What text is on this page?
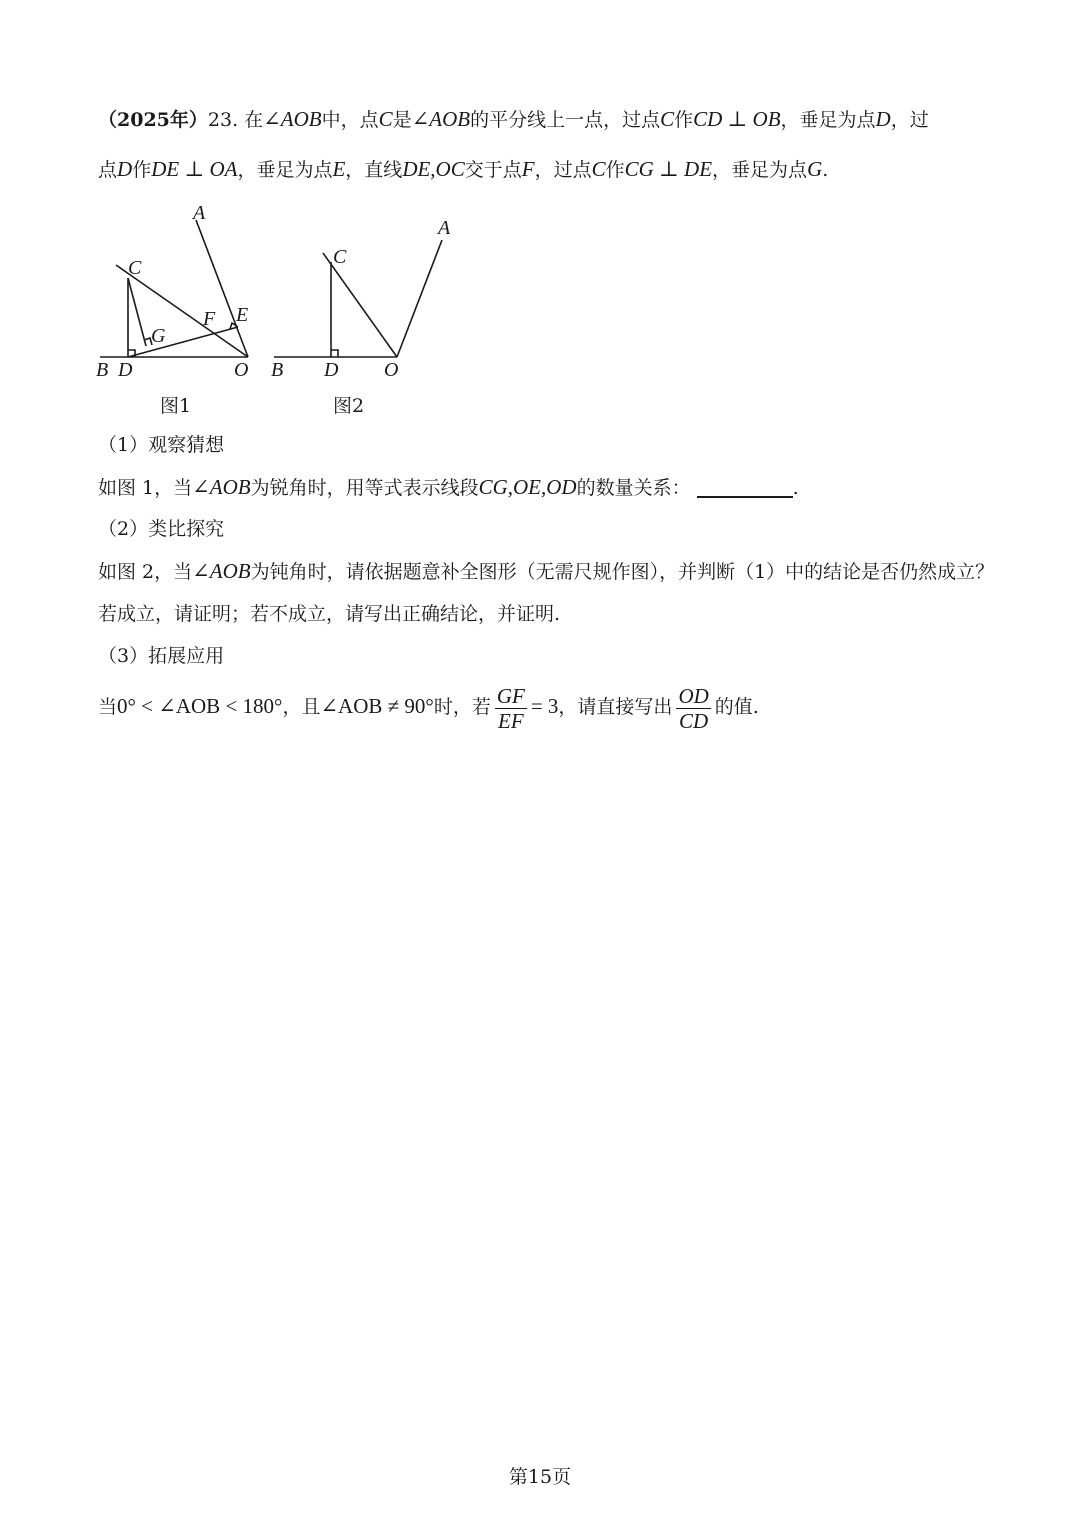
（2025年）23. 在∠AOB中，点C是∠AOB的平分线上一点，过点C作CD ⊥ OB，垂足为点D，过
点D作DE ⊥ OA，垂足为点E，直线DE,OC交于点F，过点C作CG ⊥ DE，垂足为点G.
A
C
G
F E
B D	O
A
C
B D O
图1	图2
（1）观察猜想
如图 1，当∠AOB为锐角时，用等式表示线段CG,OE,OD的数量关系：	.
（2）类比探究
如图 2，当∠AOB为钝角时，请依据题意补全图形（无需尺规作图），并判断（1）中的结论是否仍然成立？
若成立，请证明；若不成立，请写出正确结论，并证明.
（3）拓展应用
当0° < ∠AOB < 180°，且∠AOB ≠ 90°时，若 $\frac{GF}{EF} = 3$，请直接写出 $\frac{OD}{CD}$ 的值.
第15页
